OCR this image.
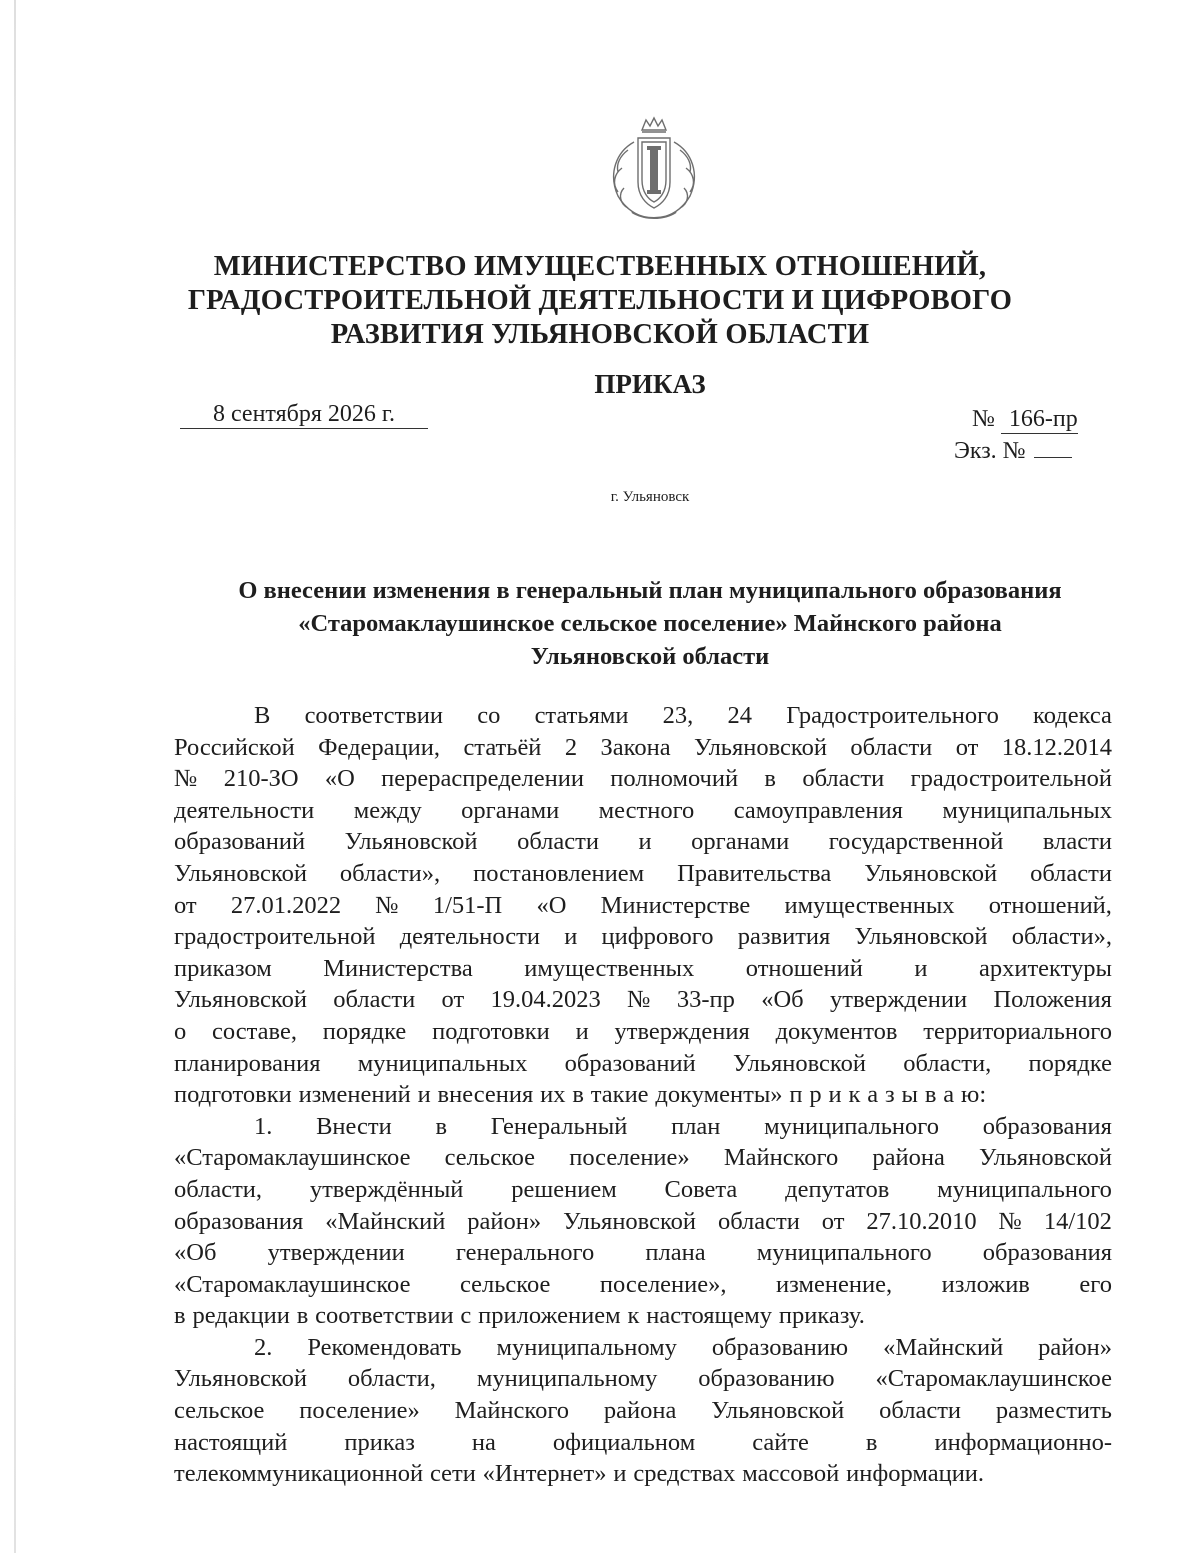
МИНИСТЕРСТВО ИМУЩЕСТВЕННЫХ ОТНОШЕНИЙ,
ГРАДОСТРОИТЕЛЬНОЙ ДЕЯТЕЛЬНОСТИ И ЦИФРОВОГО
РАЗВИТИЯ УЛЬЯНОВСКОЙ ОБЛАСТИ
ПРИКАЗ
8 сентября 2026 г.	№ 166-пр
Экз. №
г. Ульяновск
О внесении изменения в генеральный план муниципального образования
«Старомаклаушинское сельское поселение» Майнского района
Ульяновской области
В соответствии со статьями 23, 24 Градостроительного кодекса
Российской Федерации, статьёй 2 Закона Ульяновской области от 18.12.2014
№ 210-ЗО «О перераспределении полномочий в области градостроительной
деятельности между органами местного самоуправления муниципальных
образований Ульяновской области и органами государственной власти
Ульяновской области», постановлением Правительства Ульяновской области
от 27.01.2022 № 1/51-П «О Министерстве имущественных отношений,
градостроительной деятельности и цифрового развития Ульяновской области»,
приказом Министерства имущественных отношений и архитектуры
Ульяновской области от 19.04.2023 № 33-пр «Об утверждении Положения
о составе, порядке подготовки и утверждения документов территориального
планирования муниципальных образований Ульяновской области, порядке
подготовки изменений и внесения их в такие документы» п р и к а з ы в а ю:
1. Внести в Генеральный план муниципального образования
«Старомаклаушинское сельское поселение» Майнского района Ульяновской
области, утверждённый решением Совета депутатов муниципального
образования «Майнский район» Ульяновской области от 27.10.2010 № 14/102
«Об утверждении генерального плана муниципального образования
«Старомаклаушинское сельское поселение», изменение, изложив его
в редакции в соответствии с приложением к настоящему приказу.
2. Рекомендовать муниципальному образованию «Майнский район»
Ульяновской области, муниципальному образованию «Старомаклаушинское
сельское поселение» Майнского района Ульяновской области разместить
настоящий приказ на официальном сайте в информационно-
телекоммуникационной сети «Интернет» и средствах массовой информации.
